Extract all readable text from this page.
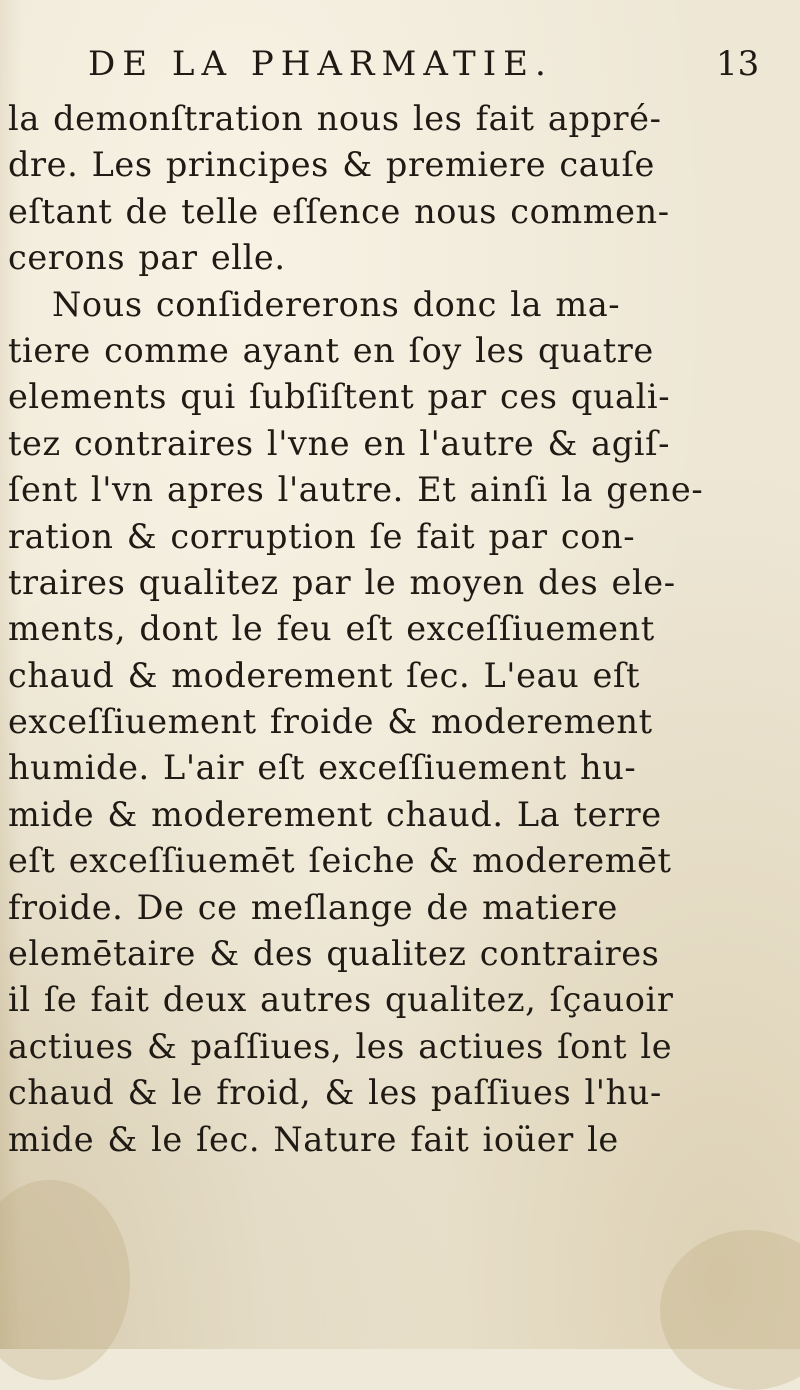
DE LA PHARMATIE.	13
la demonſtration nous les fait appré-
dre. Les principes & premiere cauſe
eſtant de telle eſſence nous commen-
cerons par elle.
Nous conſidererons donc la ma-
tiere comme ayant en ſoy les quatre
elements qui ſubſiſtent par ces quali-
tez contraires l'vne en l'autre & agiſ-
ſent l'vn apres l'autre. Et ainſi la gene-
ration & corruption ſe fait par con-
traires qualitez par le moyen des ele-
ments, dont le feu eſt exceſſiuement
chaud & moderement ſec. L'eau eſt
exceſſiuement froide & moderement
humide. L'air eſt exceſſiuement hu-
mide & moderement chaud. La terre
eſt exceſſiuemēt ſeiche & moderemēt
froide. De ce meſlange de matiere
elemētaire & des qualitez contraires
il ſe fait deux autres qualitez, ſçauoir
actiues & paſſiues, les actiues ſont le
chaud & le froid, & les paſſiues l'hu-
mide & le ſec. Nature fait ioüer le
